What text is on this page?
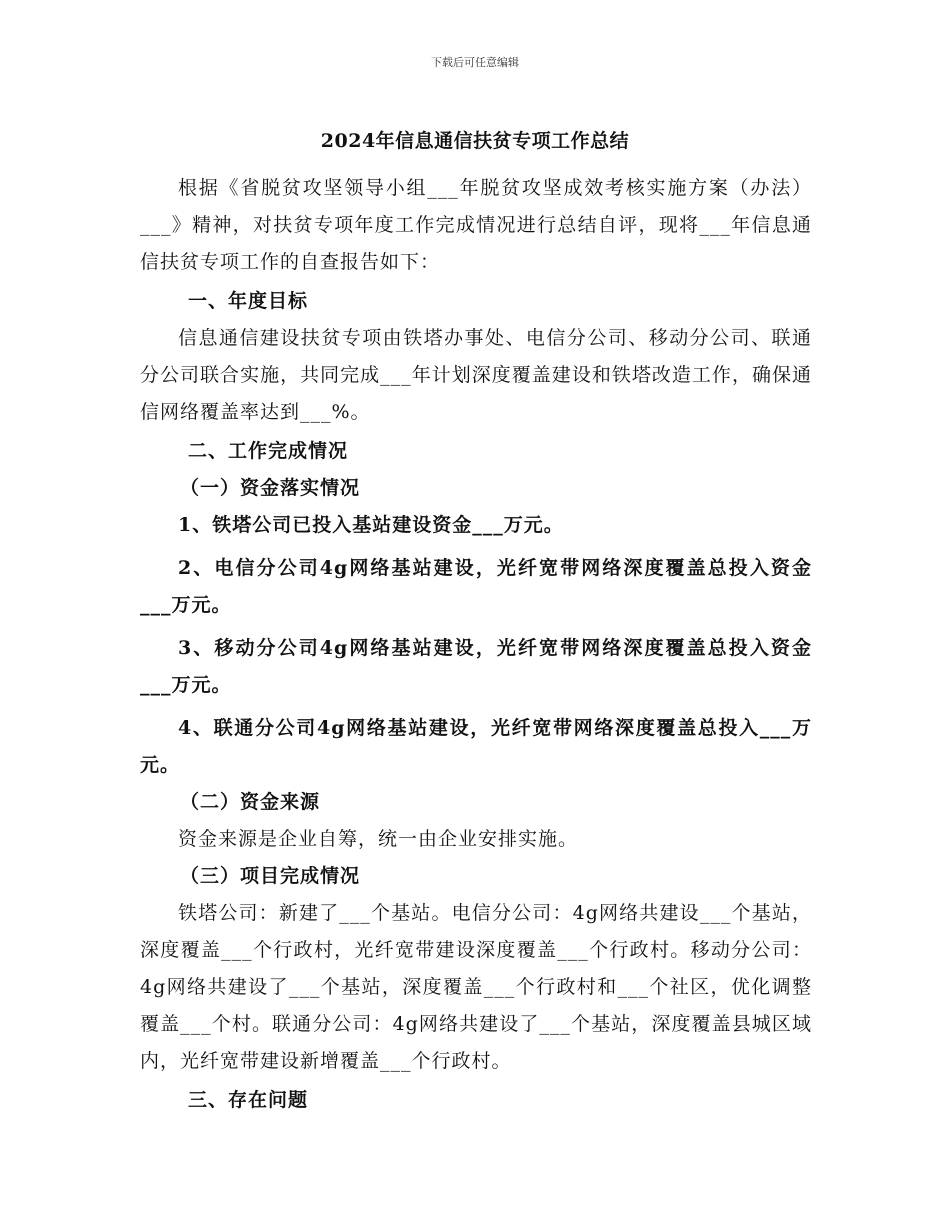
下载后可任意编辑
2024年信息通信扶贫专项工作总结

根据《省脱贫攻坚领导小组___年脱贫攻坚成效考核实施方案（办法）___》精神，对扶贫专项年度工作完成情况进行总结自评，现将___年信息通信扶贫专项工作的自查报告如下：

一、年度目标

信息通信建设扶贫专项由铁塔办事处、电信分公司、移动分公司、联通分公司联合实施，共同完成___年计划深度覆盖建设和铁塔改造工作，确保通信网络覆盖率达到___%。

二、工作完成情况

（一）资金落实情况

1、铁塔公司已投入基站建设资金___万元。

2、电信分公司4g网络基站建设，光纤宽带网络深度覆盖总投入资金___万元。

3、移动分公司4g网络基站建设，光纤宽带网络深度覆盖总投入资金___万元。

4、联通分公司4g网络基站建设，光纤宽带网络深度覆盖总投入___万元。

（二）资金来源

资金来源是企业自筹，统一由企业安排实施。

（三）项目完成情况

铁塔公司：新建了___个基站。电信分公司：4g网络共建设___个基站，深度覆盖___个行政村，光纤宽带建设深度覆盖___个行政村。移动分公司：4g网络共建设了___个基站，深度覆盖___个行政村和___个社区，优化调整覆盖___个村。联通分公司：4g网络共建设了___个基站，深度覆盖县城区域内，光纤宽带建设新增覆盖___个行政村。

三、存在问题
